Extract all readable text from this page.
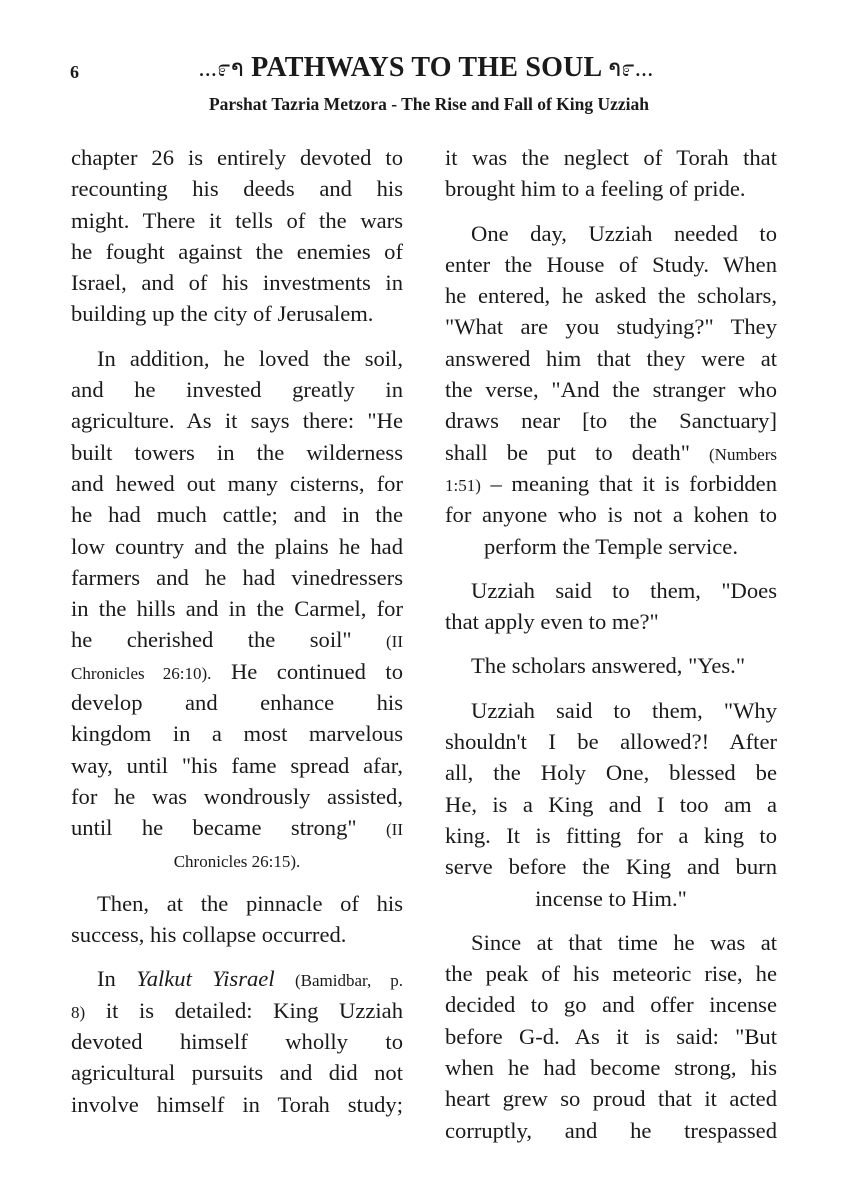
6	...೯າ PATHWAYS TO THE SOUL າ೯...
Parshat Tazria Metzora - The Rise and Fall of King Uzziah
chapter 26 is entirely devoted to
recounting his deeds and his
might. There it tells of the wars
he fought against the enemies of
Israel, and of his investments in
building up the city of Jerusalem.
In addition, he loved the soil,
and he invested greatly in
agriculture. As it says there: "He
built towers in the wilderness
and hewed out many cisterns, for
he had much cattle; and in the
low country and the plains he had
farmers and he had vinedressers
in the hills and in the Carmel, for
he cherished the soil" (II
Chronicles 26:10). He continued to
develop and enhance his
kingdom in a most marvelous
way, until "his fame spread afar,
for he was wondrously assisted,
until he became strong" (II
Chronicles 26:15).
Then, at the pinnacle of his
success, his collapse occurred.
In Yalkut Yisrael (Bamidbar, p.
8) it is detailed: King Uzziah
devoted himself wholly to
agricultural pursuits and did not
involve himself in Torah study;
it was the neglect of Torah that
brought him to a feeling of pride.
One day, Uzziah needed to
enter the House of Study. When
he entered, he asked the scholars,
"What are you studying?" They
answered him that they were at
the verse, "And the stranger who
draws near [to the Sanctuary]
shall be put to death" (Numbers
1:51) – meaning that it is forbidden
for anyone who is not a kohen to
perform the Temple service.
Uzziah said to them, "Does
that apply even to me?"
The scholars answered, "Yes."
Uzziah said to them, "Why
shouldn't I be allowed?! After
all, the Holy One, blessed be
He, is a King and I too am a
king. It is fitting for a king to
serve before the King and burn
incense to Him."
Since at that time he was at
the peak of his meteoric rise, he
decided to go and offer incense
before G-d. As it is said: "But
when he had become strong, his
heart grew so proud that it acted
corruptly, and he trespassed
